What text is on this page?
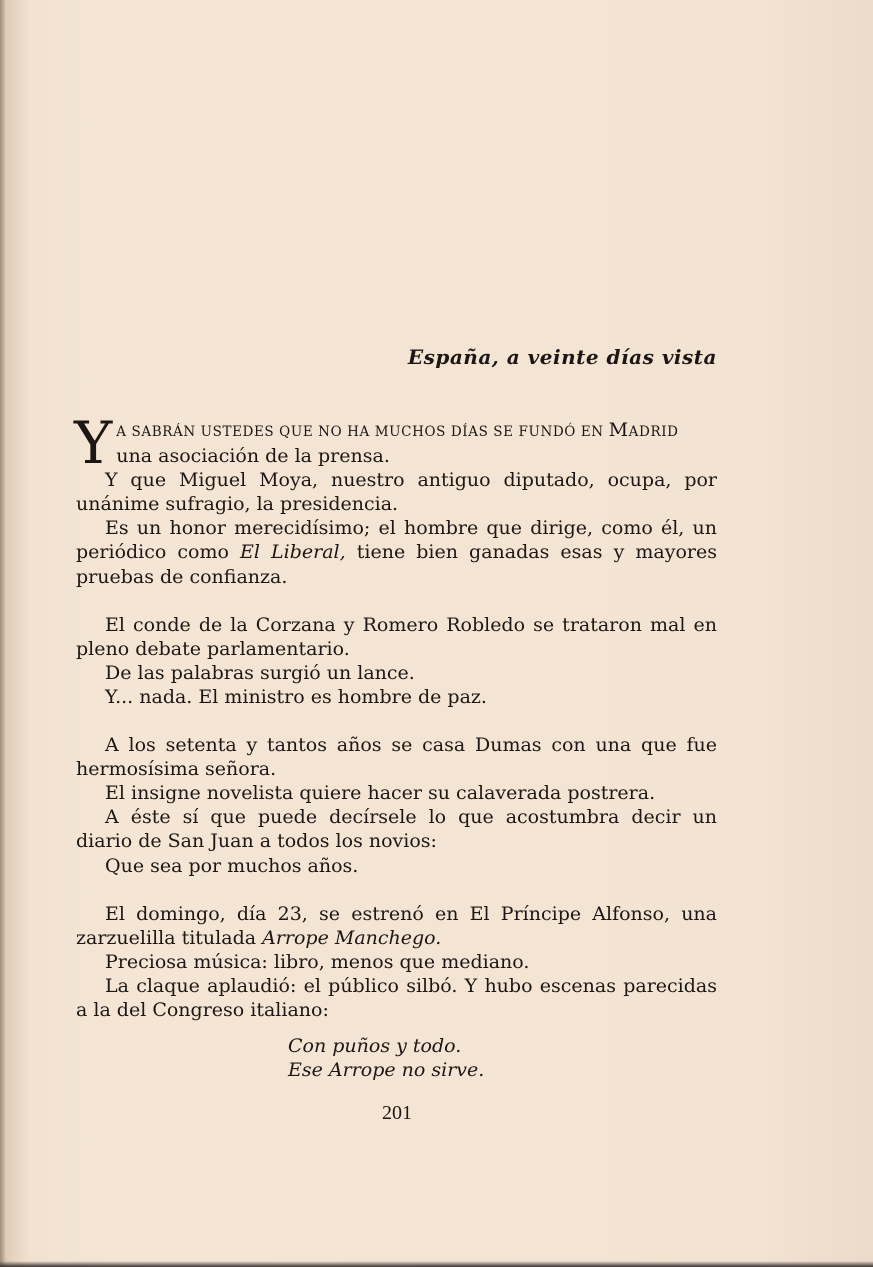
España, a veinte días vista

Y A SABRÁN USTEDES QUE NO HA MUCHOS DÍAS SE FUNDÓ EN MADRID
una asociación de la prensa.

Y que Miguel Moya, nuestro antiguo diputado, ocupa, por unánime sufragio, la presidencia.

Es un honor merecidísimo; el hombre que dirige, como él, un periódico como El Liberal, tiene bien ganadas esas y mayores pruebas de confianza.

El conde de la Corzana y Romero Robledo se trataron mal en pleno debate parlamentario.

De las palabras surgió un lance.

Y... nada. El ministro es hombre de paz.

A los setenta y tantos años se casa Dumas con una que fue hermosísima señora.

El insigne novelista quiere hacer su calaverada postrera.

A éste sí que puede decírsele lo que acostumbra decir un diario de San Juan a todos los novios:

Que sea por muchos años.

El domingo, día 23, se estrenó en El Príncipe Alfonso, una zarzuelilla titulada Arrope Manchego.

Preciosa música: libro, menos que mediano.

La claque aplaudió: el público silbó. Y hubo escenas parecidas a la del Congreso italiano:

Con puños y todo.
Ese Arrope no sirve.
201
